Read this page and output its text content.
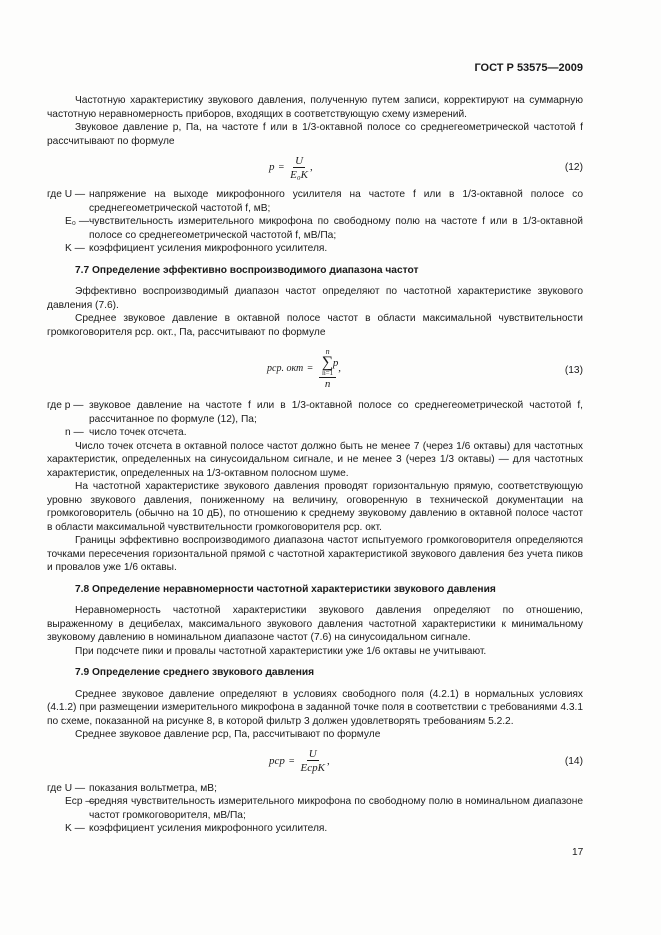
ГОСТ Р 53575—2009

Частотную характеристику звукового давления, полученную путем записи, корректируют на суммарную частотную неравномерность приборов, входящих в соответствующую схему измерений.

Звуковое давление p, Па, на частоте f или в 1/3-октавной полосе со среднегеометрической частотой f рассчитывают по формуле

$p = \frac{U}{\text{E₀K}}$ ,	(12)
где U — напряжение на выходе микрофонного усилителя на частоте f или в 1/3-октавной полосе со среднегеометрической частотой f, мВ;
E₀ — чувствительность измерительного микрофона по свободному полю на частоте f или в 1/3-октавной полосе со среднегеометрической частотой f, мВ/Па;
K — коэффициент усиления микрофонного усилителя.
7.7 Определение эффективно воспроизводимого диапазона частот

Эффективно воспроизводимый диапазон частот определяют по частотной характеристике звукового давления (7.6).

Среднее звуковое давление в октавной полосе частот в области максимальной чувствительности громкоговорителя pср. окт., Па, рассчитывают по формуле

pср. окт = n
∑
n=1
p
n ,	(13)
где p — звуковое давление на частоте f или в 1/3-октавной полосе со среднегеометрической частотой f, рассчитанное по формуле (12), Па;
n — число точек отсчета.

Число точек отсчета в октавной полосе частот должно быть не менее 7 (через 1/6 октавы) для частотных характеристик, определенных на синусоидальном сигнале, и не менее 3 (через 1/3 октавы) — для частотных характеристик, определенных на 1/3-октавном полосном шуме.

На частотной характеристике звукового давления проводят горизонтальную прямую, соответствующую уровню звукового давления, пониженному на величину, оговоренную в технической документации на громкоговоритель (обычно на 10 дБ), по отношению к среднему звуковому давлению в октавной полосе частот в области максимальной чувствительности громкоговорителя pср. окт.

Границы эффективно воспроизводимого диапазона частот испытуемого громкоговорителя определяются точками пересечения горизонтальной прямой с частотной характеристикой звукового давления без учета пиков и провалов уже 1/6 октавы.

7.8 Определение неравномерности частотной характеристики звукового давления

Неравномерность частотной характеристики звукового давления определяют по отношению, выраженному в децибелах, максимального звукового давления частотной характеристики к минимальному звуковому давлению в номинальном диапазоне частот (7.6) на синусоидальном сигнале.

При подсчете пики и провалы частотной характеристики уже 1/6 октавы не учитывают.

7.9 Определение среднего звукового давления

Среднее звуковое давление определяют в условиях свободного поля (4.2.1) в нормальных условиях (4.1.2) при размещении измерительного микрофона в заданной точке поля в соответствии с требованиями 4.3.1 по схеме, показанной на рисунке 8, в которой фильтр 3 должен удовлетворять требованиям 5.2.2.

Среднее звуковое давление pср, Па, рассчитывают по формуле

pср = $\frac{U}{\text{EсрK}}$ ,	(14)
где U — показания вольтметра, мВ;
Eср —
средняя чувствительность измерительного микрофона по свободному полю в номинальном диапазоне частот громкоговорителя, мВ/Па;
K — коэффициент усиления микрофонного усилителя.
17
